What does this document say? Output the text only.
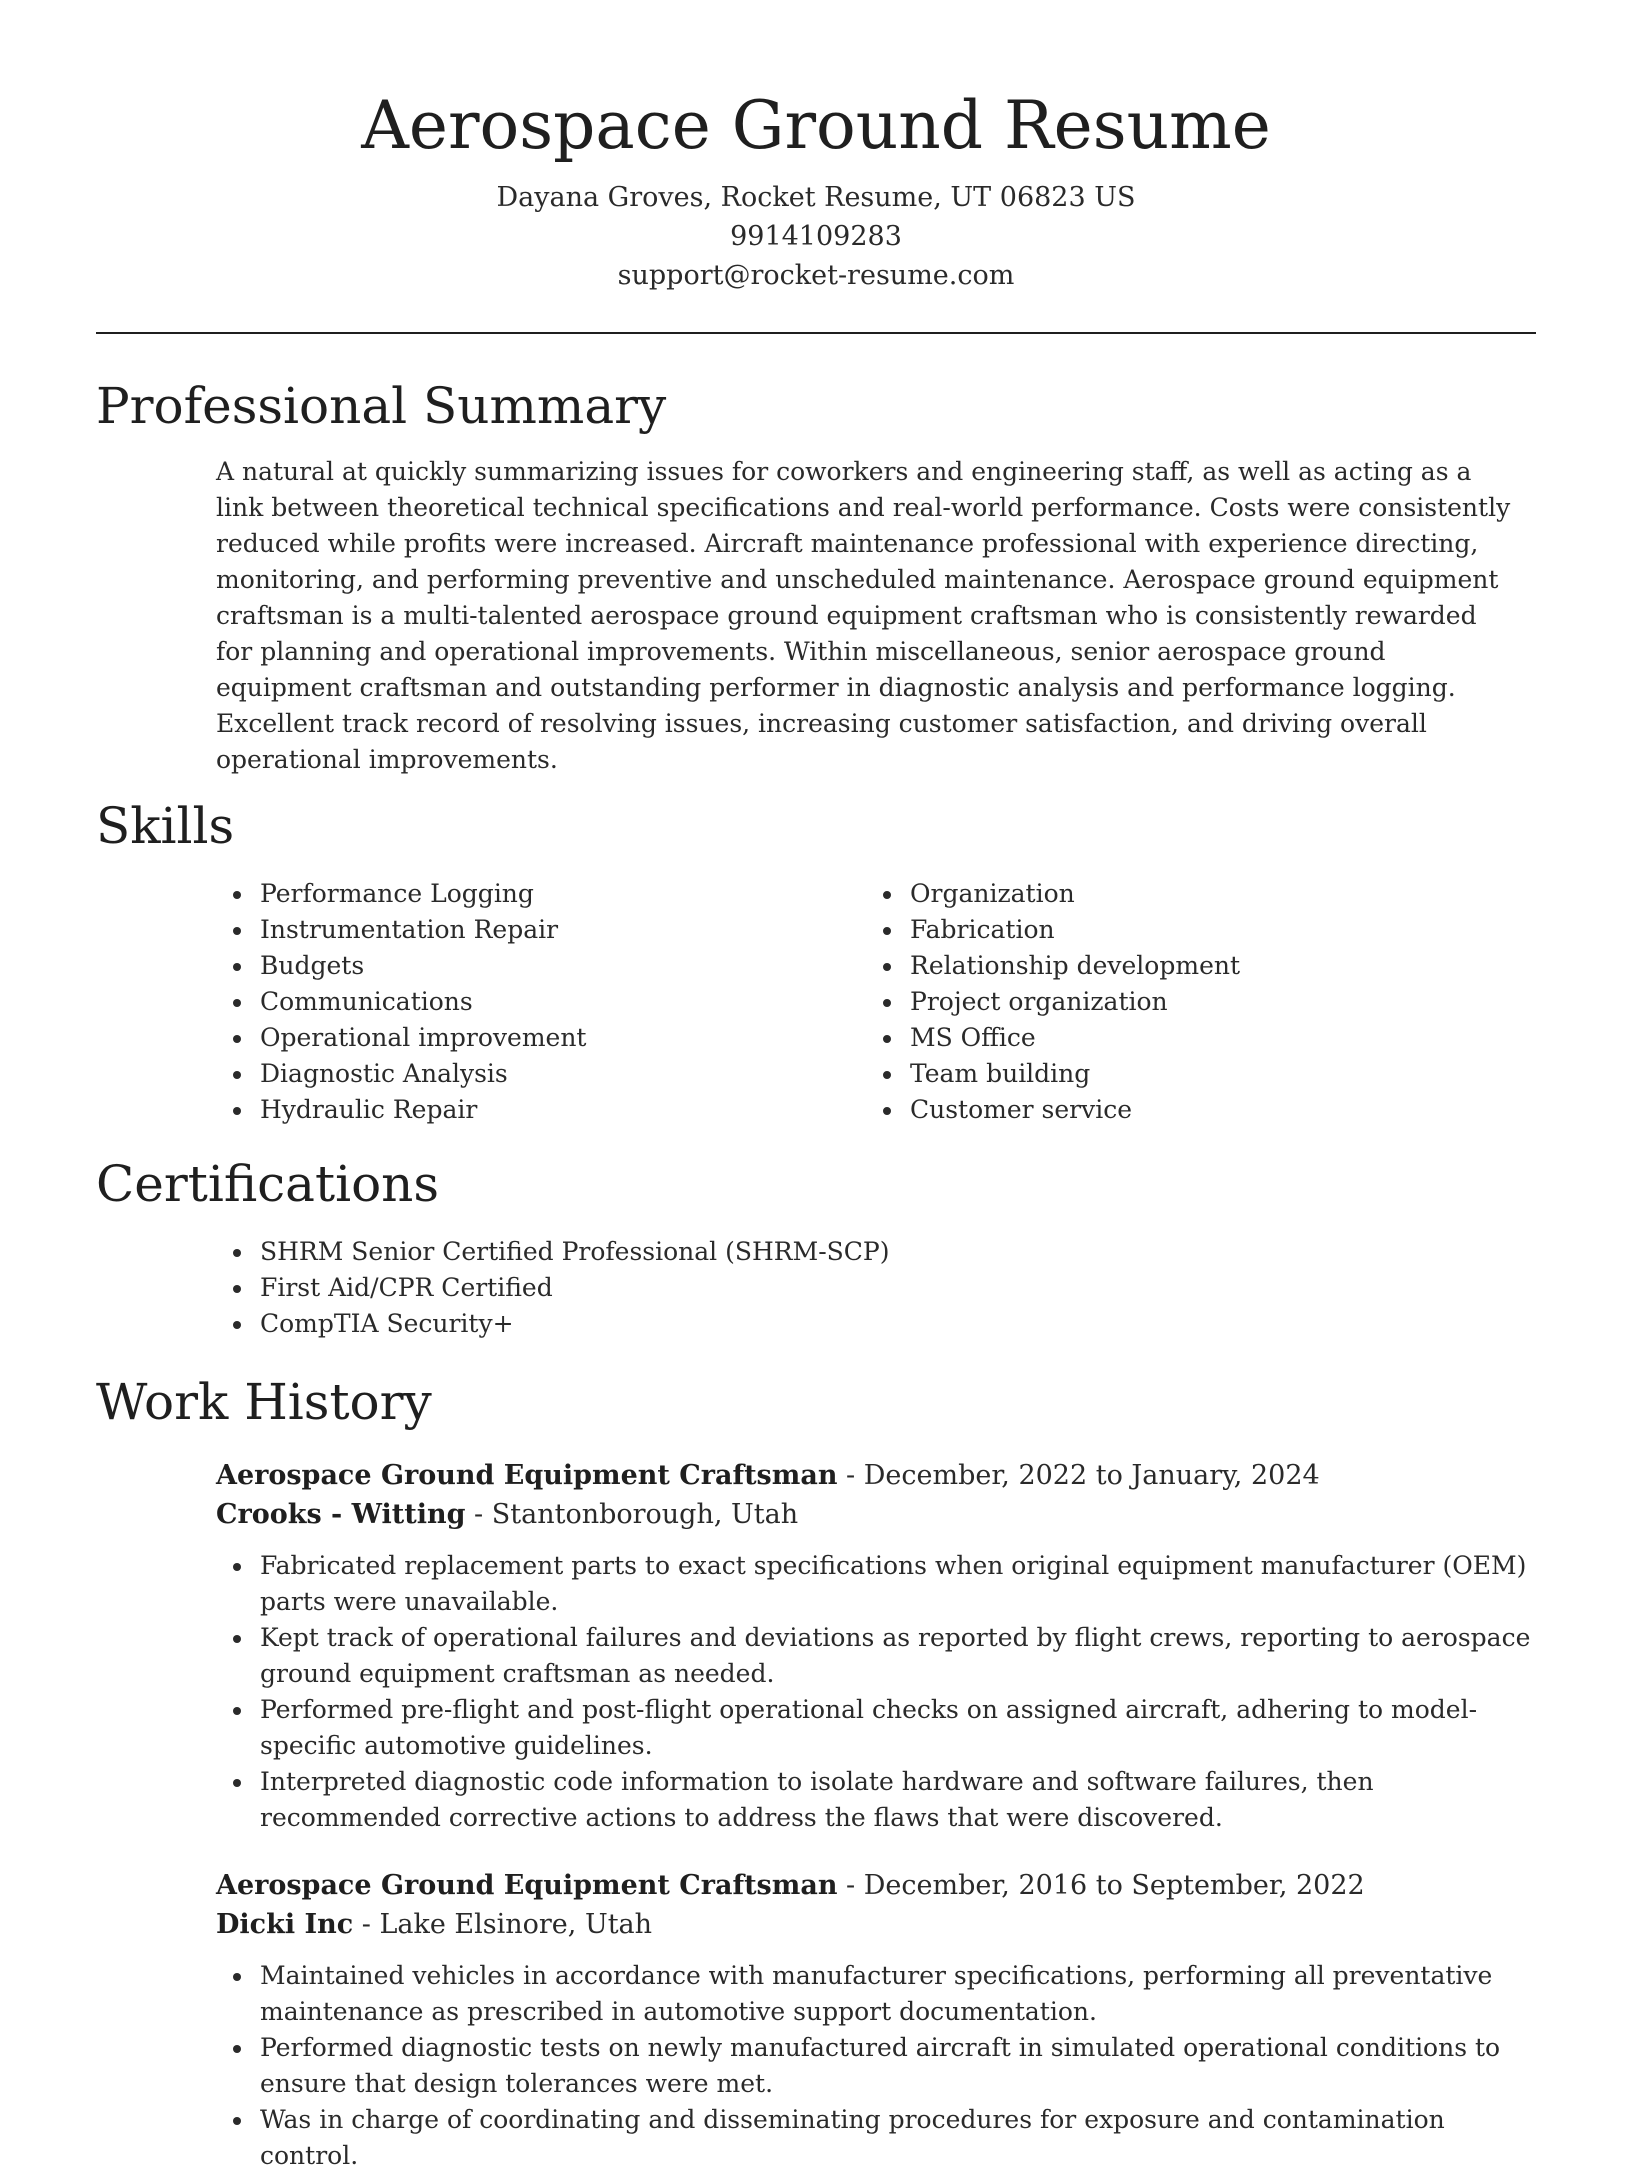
Aerospace Ground Resume
Dayana Groves, Rocket Resume, UT 06823 US
9914109283
support@rocket-resume.com
Professional Summary

A natural at quickly summarizing issues for coworkers and engineering staff, as well as acting as a link between theoretical technical specifications and real-world performance. Costs were consistently reduced while profits were increased. Aircraft maintenance professional with experience directing, monitoring, and performing preventive and unscheduled maintenance. Aerospace ground equipment craftsman is a multi-talented aerospace ground equipment craftsman who is consistently rewarded for planning and operational improvements. Within miscellaneous, senior aerospace ground equipment craftsman and outstanding performer in diagnostic analysis and performance logging. Excellent track record of resolving issues, increasing customer satisfaction, and driving overall operational improvements.

Skills
Performance Logging
Instrumentation Repair
Budgets
Communications
Operational improvement
Diagnostic Analysis
Hydraulic Repair
Organization
Fabrication
Relationship development
Project organization
MS Office
Team building
Customer service
Certifications
SHRM Senior Certified Professional (SHRM-SCP)
First Aid/CPR Certified
CompTIA Security+
Work History
Aerospace Ground Equipment Craftsman - December, 2022 to January, 2024
Crooks - Witting - Stantonborough, Utah
Fabricated replacement parts to exact specifications when original equipment manufacturer (OEM) parts were unavailable.
Kept track of operational failures and deviations as reported by flight crews, reporting to aerospace ground equipment craftsman as needed.
Performed pre-flight and post-flight operational checks on assigned aircraft, adhering to model-specific automotive guidelines.
Interpreted diagnostic code information to isolate hardware and software failures, then recommended corrective actions to address the flaws that were discovered.
Aerospace Ground Equipment Craftsman - December, 2016 to September, 2022
Dicki Inc - Lake Elsinore, Utah
Maintained vehicles in accordance with manufacturer specifications, performing all preventative maintenance as prescribed in automotive support documentation.
Performed diagnostic tests on newly manufactured aircraft in simulated operational conditions to ensure that design tolerances were met.
Was in charge of coordinating and disseminating procedures for exposure and contamination control.
